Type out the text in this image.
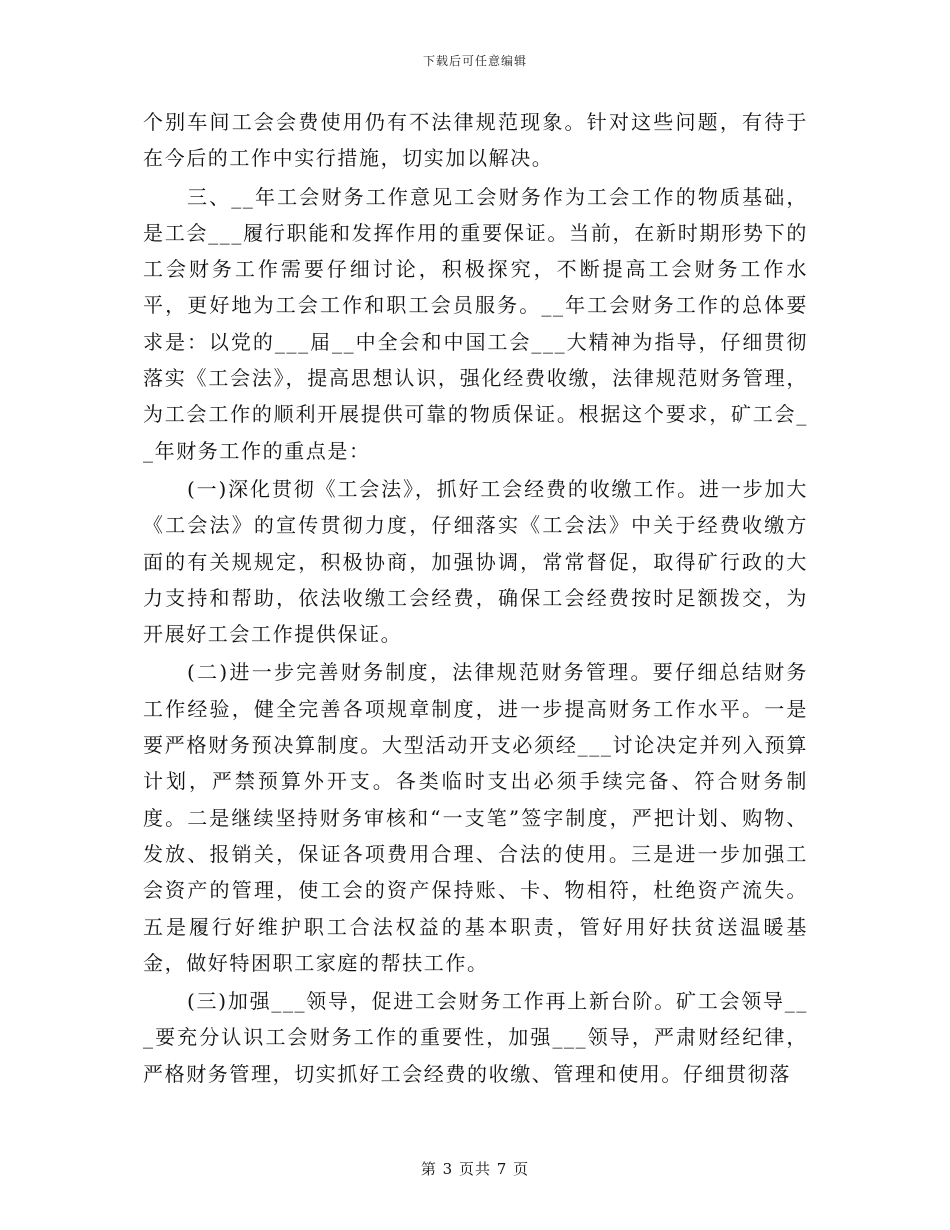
下载后可任意编辑

个别车间工会会费使用仍有不法律规范现象。针对这些问题，有待于在今后的工作中实行措施，切实加以解决。

三、__年工会财务工作意见工会财务作为工会工作的物质基础，是工会___履行职能和发挥作用的重要保证。当前，在新时期形势下的工会财务工作需要仔细讨论，积极探究，不断提高工会财务工作水平，更好地为工会工作和职工会员服务。__年工会财务工作的总体要求是：以党的___届__中全会和中国工会___大精神为指导，仔细贯彻落实《工会法》，提高思想认识，强化经费收缴，法律规范财务管理，为工会工作的顺利开展提供可靠的物质保证。根据这个要求，矿工会__年财务工作的重点是：

(一)深化贯彻《工会法》，抓好工会经费的收缴工作。进一步加大《工会法》的宣传贯彻力度，仔细落实《工会法》中关于经费收缴方面的有关规规定，积极协商，加强协调，常常督促，取得矿行政的大力支持和帮助，依法收缴工会经费，确保工会经费按时足额拨交，为开展好工会工作提供保证。

(二)进一步完善财务制度，法律规范财务管理。要仔细总结财务工作经验，健全完善各项规章制度，进一步提高财务工作水平。一是要严格财务预决算制度。大型活动开支必须经___讨论决定并列入预算计划，严禁预算外开支。各类临时支出必须手续完备、符合财务制度。二是继续坚持财务审核和“一支笔”签字制度，严把计划、购物、发放、报销关，保证各项费用合理、合法的使用。三是进一步加强工会资产的管理，使工会的资产保持账、卡、物相符，杜绝资产流失。五是履行好维护职工合法权益的基本职责，管好用好扶贫送温暖基金，做好特困职工家庭的帮扶工作。

(三)加强___领导，促进工会财务工作再上新台阶。矿工会领导___要充分认识工会财务工作的重要性，加强___领导，严肃财经纪律，严格财务管理，切实抓好工会经费的收缴、管理和使用。仔细贯彻落

第 3 页共 7 页
